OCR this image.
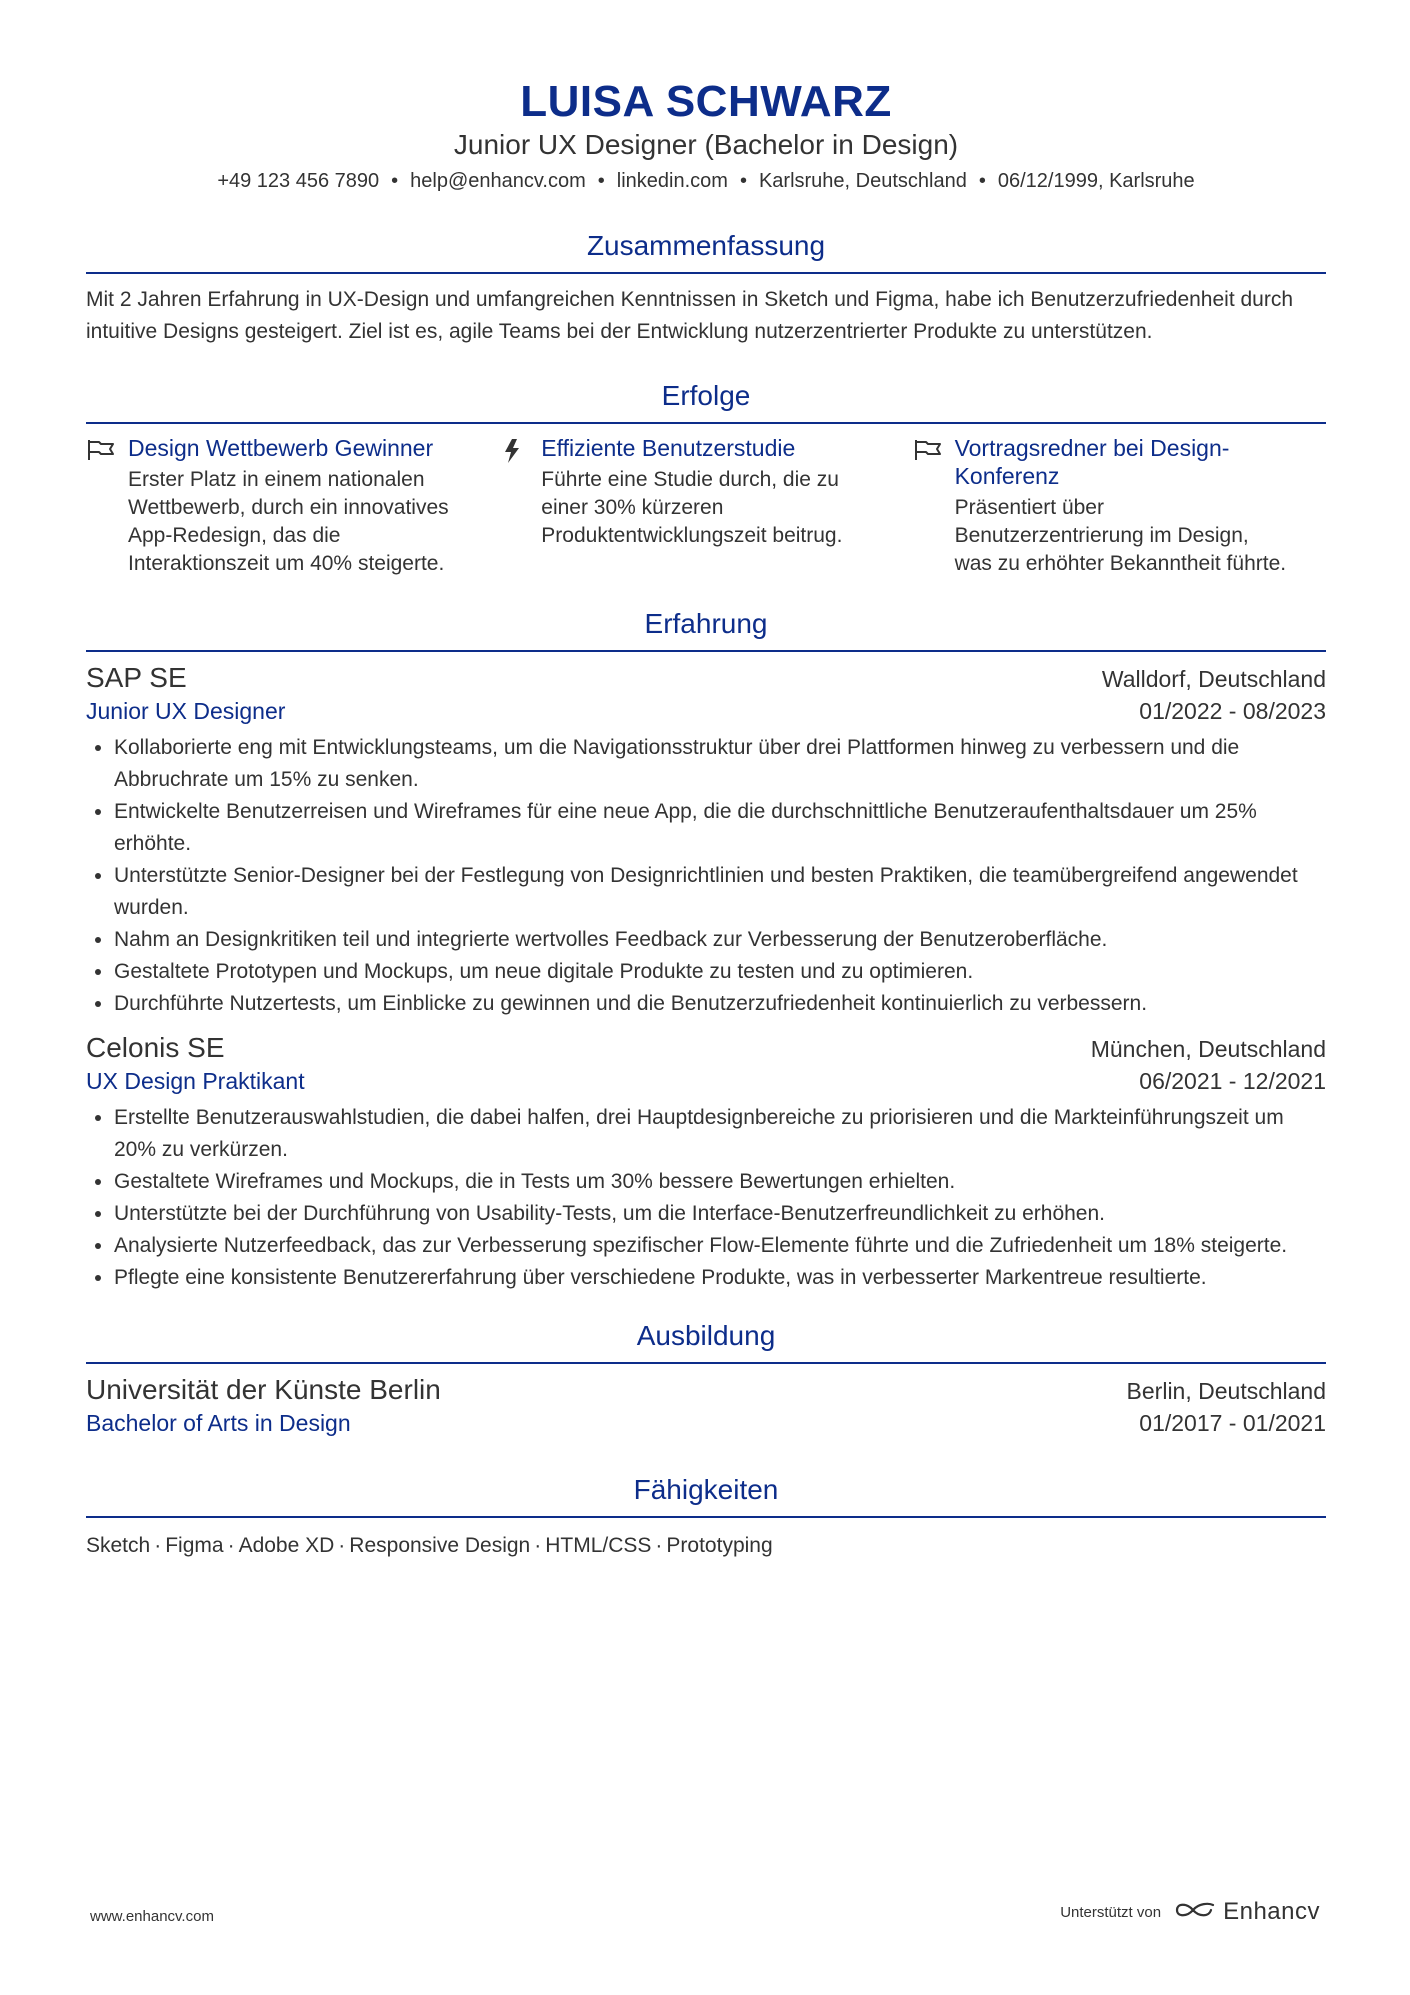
LUISA SCHWARZ
Junior UX Designer (Bachelor in Design)
+49 123 456 7890 • help@enhancv.com • linkedin.com • Karlsruhe, Deutschland • 06/12/1999, Karlsruhe
Zusammenfassung

Mit 2 Jahren Erfahrung in UX-Design und umfangreichen Kenntnissen in Sketch und Figma, habe ich Benutzerzufriedenheit durch intuitive Designs gesteigert. Ziel ist es, agile Teams bei der Entwicklung nutzerzentrierter Produkte zu unterstützen.

Erfolge
Design Wettbewerb Gewinner
Erster Platz in einem nationalen Wettbewerb, durch ein innovatives App-Redesign, das die Interaktionszeit um 40% steigerte.
Effiziente Benutzerstudie
Führte eine Studie durch, die zu einer 30% kürzeren Produktentwicklungszeit beitrug.
Vortragsredner bei Design-Konferenz
Präsentiert über Benutzerzentrierung im Design, was zu erhöhter Bekanntheit führte.
Erfahrung
SAP SE	Walldorf, Deutschland
Junior UX Designer	01/2022 - 08/2023
• Kollaborierte eng mit Entwicklungsteams, um die Navigationsstruktur über drei Plattformen hinweg zu verbessern und die Abbruchrate um 15% zu senken.
• Entwickelte Benutzerreisen und Wireframes für eine neue App, die die durchschnittliche Benutzeraufenthaltsdauer um 25% erhöhte.
• Unterstützte Senior-Designer bei der Festlegung von Designrichtlinien und besten Praktiken, die teamübergreifend angewendet wurden.
• Nahm an Designkritiken teil und integrierte wertvolles Feedback zur Verbesserung der Benutzeroberfläche.
• Gestaltete Prototypen und Mockups, um neue digitale Produkte zu testen und zu optimieren.
• Durchführte Nutzertests, um Einblicke zu gewinnen und die Benutzerzufriedenheit kontinuierlich zu verbessern.
Celonis SE	München, Deutschland
UX Design Praktikant	06/2021 - 12/2021
• Erstellte Benutzerauswahlstudien, die dabei halfen, drei Hauptdesignbereiche zu priorisieren und die Markteinführungszeit um 20% zu verkürzen.
• Gestaltete Wireframes und Mockups, die in Tests um 30% bessere Bewertungen erhielten.
• Unterstützte bei der Durchführung von Usability-Tests, um die Interface-Benutzerfreundlichkeit zu erhöhen.
• Analysierte Nutzerfeedback, das zur Verbesserung spezifischer Flow-Elemente führte und die Zufriedenheit um 18% steigerte.
• Pflegte eine konsistente Benutzererfahrung über verschiedene Produkte, was in verbesserter Markentreue resultierte.
Ausbildung
Universität der Künste Berlin	Berlin, Deutschland
Bachelor of Arts in Design	01/2017 - 01/2021
Fähigkeiten
Sketch · Figma · Adobe XD · Responsive Design · HTML/CSS · Prototyping
www.enhancv.com	Unterstützt von	Enhancv
